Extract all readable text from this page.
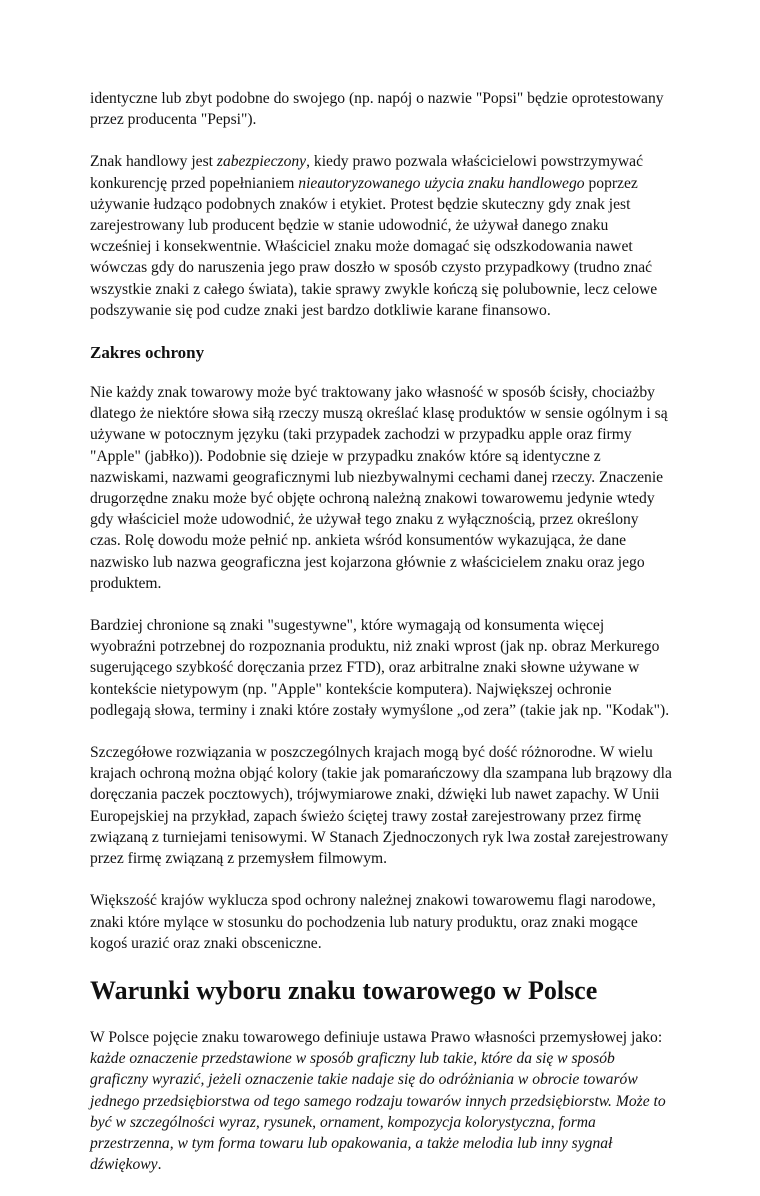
identyczne lub zbyt podobne do swojego (np. napój o nazwie "Popsi" będzie oprotestowany przez producenta "Pepsi").

Znak handlowy jest zabezpieczony, kiedy prawo pozwala właścicielowi powstrzymywać konkurencję przed popełnianiem nieautoryzowanego użycia znaku handlowego poprzez używanie łudząco podobnych znaków i etykiet. Protest będzie skuteczny gdy znak jest zarejestrowany lub producent będzie w stanie udowodnić, że używał danego znaku wcześniej i konsekwentnie. Właściciel znaku może domagać się odszkodowania nawet wówczas gdy do naruszenia jego praw doszło w sposób czysto przypadkowy (trudno znać wszystkie znaki z całego świata), takie sprawy zwykle kończą się polubownie, lecz celowe podszywanie się pod cudze znaki jest bardzo dotkliwie karane finansowo.

Zakres ochrony

Nie każdy znak towarowy może być traktowany jako własność w sposób ścisły, chociażby dlatego że niektóre słowa siłą rzeczy muszą określać klasę produktów w sensie ogólnym i są używane w potocznym języku (taki przypadek zachodzi w przypadku apple oraz firmy "Apple" (jabłko)). Podobnie się dzieje w przypadku znaków które są identyczne z nazwiskami, nazwami geograficznymi lub niezbywalnymi cechami danej rzeczy. Znaczenie drugorzędne znaku może być objęte ochroną należną znakowi towarowemu jedynie wtedy gdy właściciel może udowodnić, że używał tego znaku z wyłącznością, przez określony czas. Rolę dowodu może pełnić np. ankieta wśród konsumentów wykazująca, że dane nazwisko lub nazwa geograficzna jest kojarzona głównie z właścicielem znaku oraz jego produktem.

Bardziej chronione są znaki "sugestywne", które wymagają od konsumenta więcej wyobraźni potrzebnej do rozpoznania produktu, niż znaki wprost (jak np. obraz Merkurego sugerującego szybkość doręczania przez FTD), oraz arbitralne znaki słowne używane w kontekście nietypowym (np. "Apple" kontekście komputera). Największej ochronie podlegają słowa, terminy i znaki które zostały wymyślone „od zera” (takie jak np. "Kodak").

Szczegółowe rozwiązania w poszczególnych krajach mogą być dość różnorodne. W wielu krajach ochroną można objąć kolory (takie jak pomarańczowy dla szampana lub brązowy dla doręczania paczek pocztowych), trójwymiarowe znaki, dźwięki lub nawet zapachy. W Unii Europejskiej na przykład, zapach świeżo ściętej trawy został zarejestrowany przez firmę związaną z turniejami tenisowymi. W Stanach Zjednoczonych ryk lwa został zarejestrowany przez firmę związaną z przemysłem filmowym.

Większość krajów wyklucza spod ochrony należnej znakowi towarowemu flagi narodowe, znaki które mylące w stosunku do pochodzenia lub natury produktu, oraz znaki mogące kogoś urazić oraz znaki obsceniczne.

Warunki wyboru znaku towarowego w Polsce

W Polsce pojęcie znaku towarowego definiuje ustawa Prawo własności przemysłowej jako: każde oznaczenie przedstawione w sposób graficzny lub takie, które da się w sposób graficzny wyrazić, jeżeli oznaczenie takie nadaje się do odróżniania w obrocie towarów jednego przedsiębiorstwa od tego samego rodzaju towarów innych przedsiębiorstw. Może to być w szczególności wyraz, rysunek, ornament, kompozycja kolorystyczna, forma przestrzenna, w tym forma towaru lub opakowania, a także melodia lub inny sygnał dźwiękowy.
